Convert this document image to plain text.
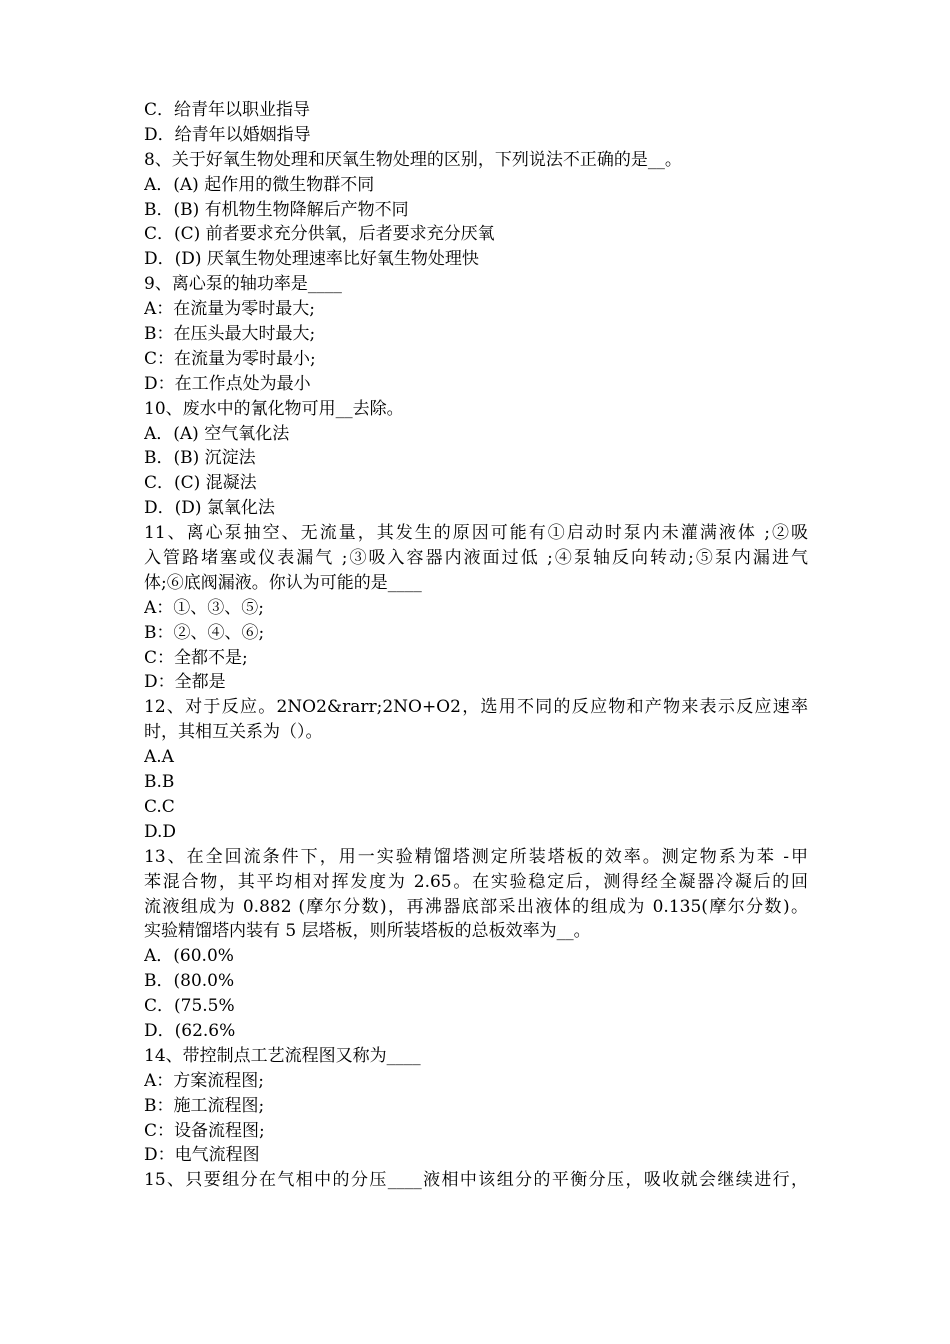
C．给青年以职业指导
D．给青年以婚姻指导
8、关于好氧生物处理和厌氧生物处理的区别，下列说法不正确的是__。
A．(A) 起作用的微生物群不同
B．(B) 有机物生物降解后产物不同
C．(C) 前者要求充分供氧，后者要求充分厌氧
D．(D) 厌氧生物处理速率比好氧生物处理快
9、离心泵的轴功率是____
A：在流量为零时最大;
B：在压头最大时最大;
C：在流量为零时最小;
D：在工作点处为最小
10、废水中的氰化物可用__去除。
A．(A) 空气氧化法
B．(B) 沉淀法
C．(C) 混凝法
D．(D) 氯氧化法
11、离心泵抽空、无流量，其发生的原因可能有①启动时泵内未灌满液体 ;②吸
入管路堵塞或仪表漏气 ;③吸入容器内液面过低 ;④泵轴反向转动;⑤泵内漏进气
体;⑥底阀漏液。你认为可能的是____
A：①、③、⑤;
B：②、④、⑥;
C：全都不是;
D：全都是
12、对于反应。2NO2&rarr;2NO+O2，选用不同的反应物和产物来表示反应速率
时，其相互关系为（）。
A.A
B.B
C.C
D.D
13、在全回流条件下，用一实验精馏塔测定所装塔板的效率。测定物系为苯 -甲
苯混合物，其平均相对挥发度为 2.65。在实验稳定后，测得经全凝器冷凝后的回
流液组成为 0.882 (摩尔分数)，再沸器底部采出液体的组成为 0.135(摩尔分数)。
实验精馏塔内装有 5 层塔板，则所装塔板的总板效率为__。
A．(60.0%
B．(80.0%
C．(75.5%
D．(62.6%
14、带控制点工艺流程图又称为____
A：方案流程图;
B：施工流程图;
C：设备流程图;
D：电气流程图
15、只要组分在气相中的分压____液相中该组分的平衡分压，吸收就会继续进行，
